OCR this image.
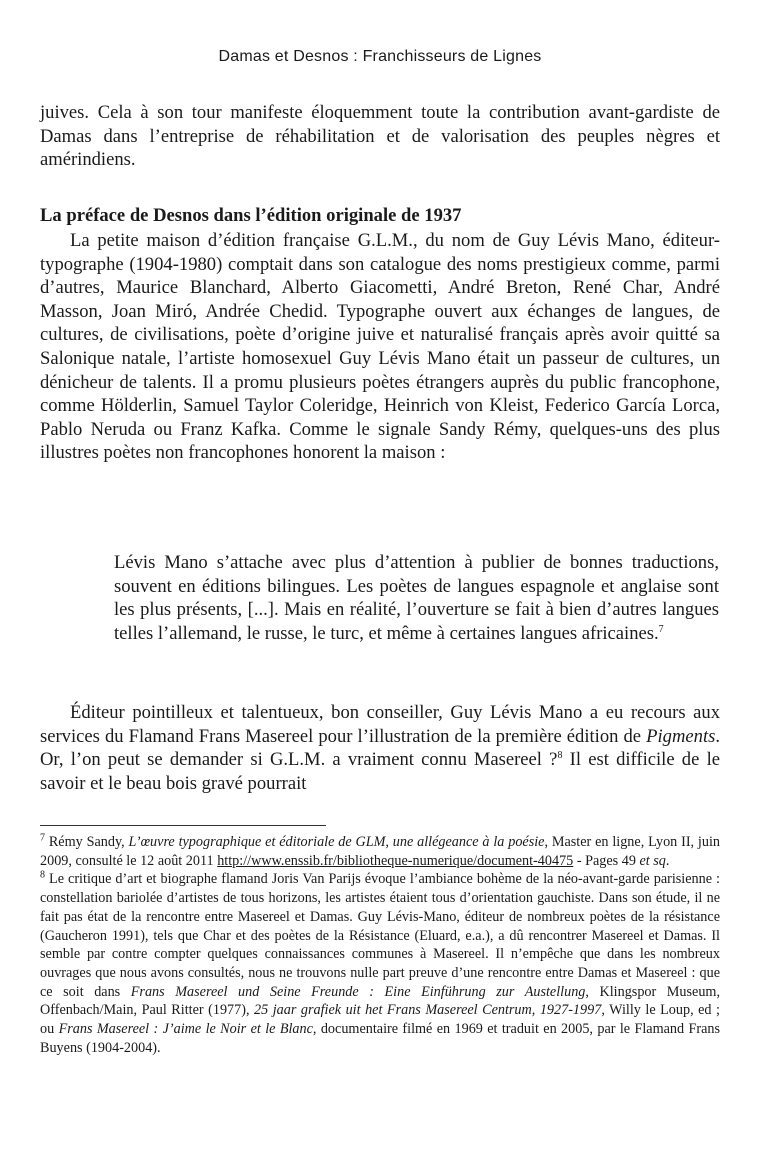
Damas et Desnos : Franchisseurs de Lignes

juives. Cela à son tour manifeste éloquemment toute la contribution avant-gardiste de Damas dans l’entreprise de réhabilitation et de valorisation des peuples nègres et amérindiens.

La préface de Desnos dans l’édition originale de 1937

La petite maison d’édition française G.L.M., du nom de Guy Lévis Mano, éditeur-typographe (1904-1980) comptait dans son catalogue des noms prestigieux comme, parmi d’autres, Maurice Blanchard, Alberto Giacometti, André Breton, René Char, André Masson, Joan Miró, Andrée Chedid. Typographe ouvert aux échanges de langues, de cultures, de civilisations, poète d’origine juive et naturalisé français après avoir quitté sa Salonique natale, l’artiste homosexuel Guy Lévis Mano était un passeur de cultures, un dénicheur de talents. Il a promu plusieurs poètes étrangers auprès du public francophone, comme Hölderlin, Samuel Taylor Coleridge, Heinrich von Kleist, Federico García Lorca, Pablo Neruda ou Franz Kafka. Comme le signale Sandy Rémy, quelques-uns des plus illustres poètes non francophones honorent la maison :

Lévis Mano s’attache avec plus d’attention à publier de bonnes traductions, souvent en éditions bilingues. Les poètes de langues espagnole et anglaise sont les plus présents, [...]. Mais en réalité, l’ouverture se fait à bien d’autres langues telles l’allemand, le russe, le turc, et même à certaines langues africaines.$^7$

Éditeur pointilleux et talentueux, bon conseiller, Guy Lévis Mano a eu recours aux services du Flamand Frans Masereel pour l’illustration de la première édition de Pigments. Or, l’on peut se demander si G.L.M. a vraiment connu Masereel ?$^8$ Il est difficile de le savoir et le beau bois gravé pourrait

$^7$ Rémy Sandy, L’œuvre typographique et éditoriale de GLM, une allégeance à la poésie, Master en ligne, Lyon II, juin 2009, consulté le 12 août 2011 http://www.enssib.fr/bibliotheque-numerique/document-40475 - Pages 49 et sq.

$^8$ Le critique d’art et biographe flamand Joris Van Parijs évoque l’ambiance bohème de la néo-avant-garde parisienne : constellation bariolée d’artistes de tous horizons, les artistes étaient tous d’orientation gauchiste. Dans son étude, il ne fait pas état de la rencontre entre Masereel et Damas. Guy Lévis-Mano, éditeur de nombreux poètes de la résistance (Gaucheron 1991), tels que Char et des poètes de la Résistance (Eluard, e.a.), a dû rencontrer Masereel et Damas. Il semble par contre compter quelques connaissances communes à Masereel. Il n’empêche que dans les nombreux ouvrages que nous avons consultés, nous ne trouvons nulle part preuve d’une rencontre entre Damas et Masereel : que ce soit dans Frans Masereel und Seine Freunde : Eine Einführung zur Austellung, Klingspor Museum, Offenbach/Main, Paul Ritter (1977), 25 jaar grafiek uit het Frans Masereel Centrum, 1927-1997, Willy le Loup, ed ; ou Frans Masereel : J’aime le Noir et le Blanc, documentaire filmé en 1969 et traduit en 2005, par le Flamand Frans Buyens (1904-2004).
